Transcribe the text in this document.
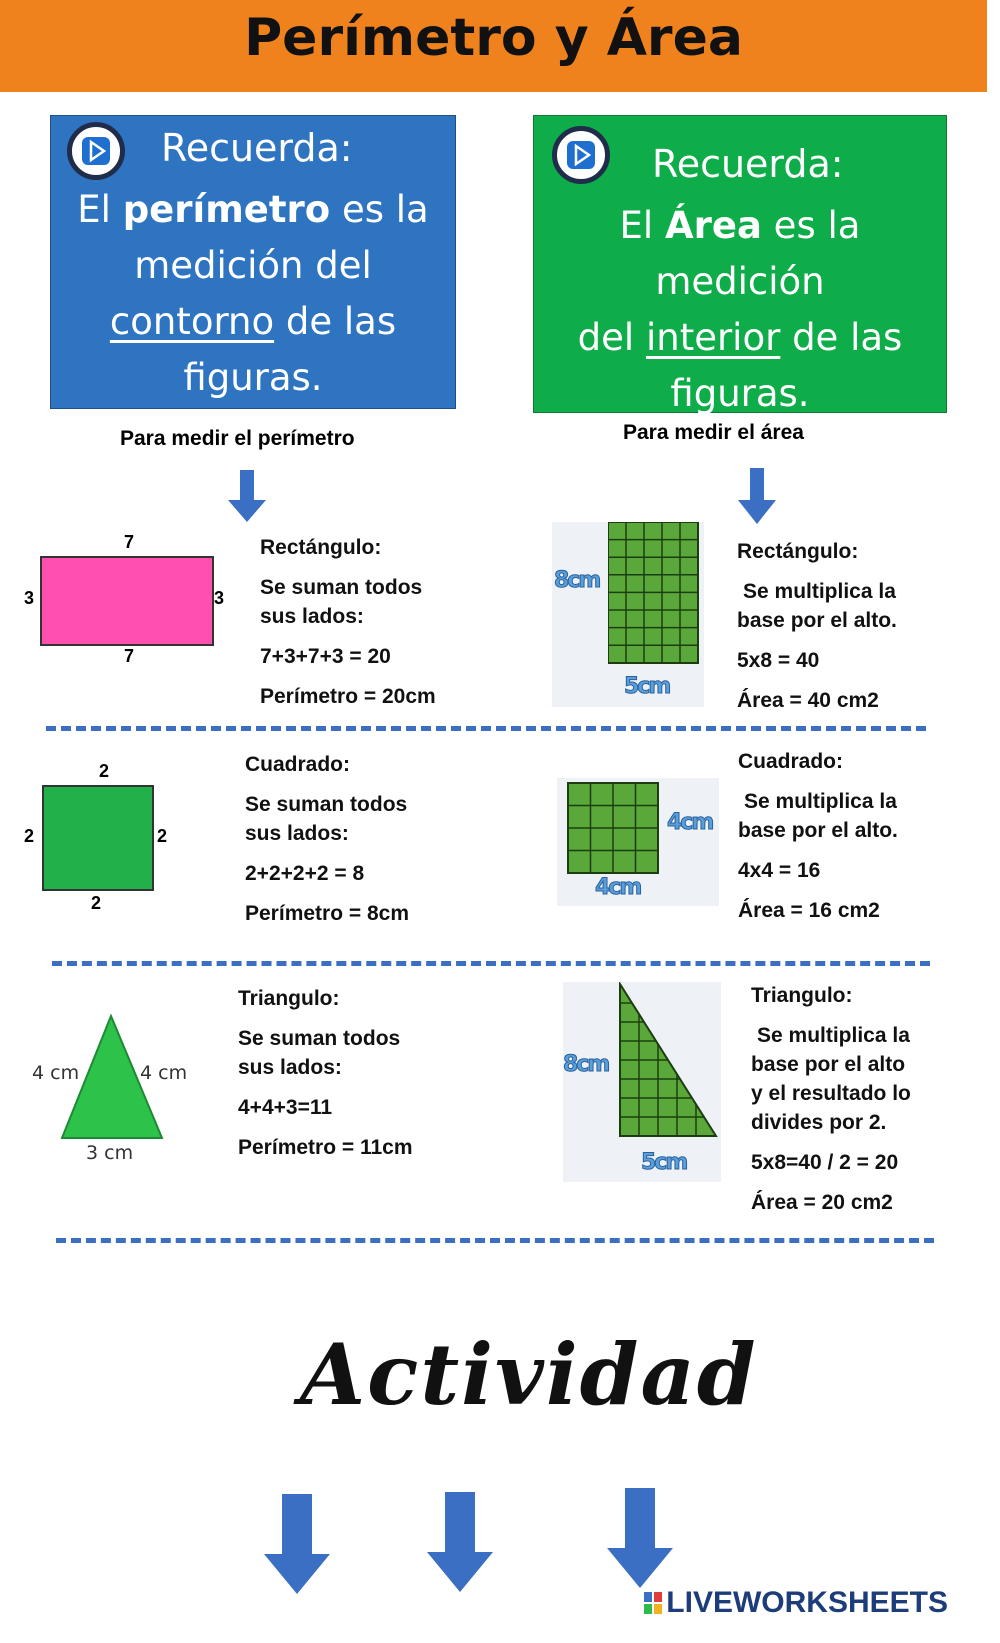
Perímetro y Área
Recuerda:
El perímetro es la
medición del
contorno de las
figuras.
Recuerda:
El Área es la medición
del interior de las
figuras.
Para medir el perímetro	Para medir el área
7
7
3	3
Rectángulo:
Se suman todos
sus lados:
7+3+7+3 = 20
Perímetro = 20cm
8cm
5cm
Rectángulo:
Se multiplica la
base por el alto.
5x8 = 40
Área = 40 cm2
2
2
2	2
Cuadrado:
Se suman todos
sus lados:
2+2+2+2 = 8
Perímetro = 8cm
4cm
4cm
Cuadrado:
Se multiplica la
base por el alto.
4x4 = 16
Área = 16 cm2
4 cm	4 cm
3 cm
Triangulo:
Se suman todos
sus lados:
4+4+3=11
Perímetro = 11cm
8cm
5cm
Triangulo:
Se multiplica la
base por el alto
y el resultado lo
divides por 2.
5x8=40 / 2 = 20
Área = 20 cm2
Actividad
LIVEWORKSHEETS
